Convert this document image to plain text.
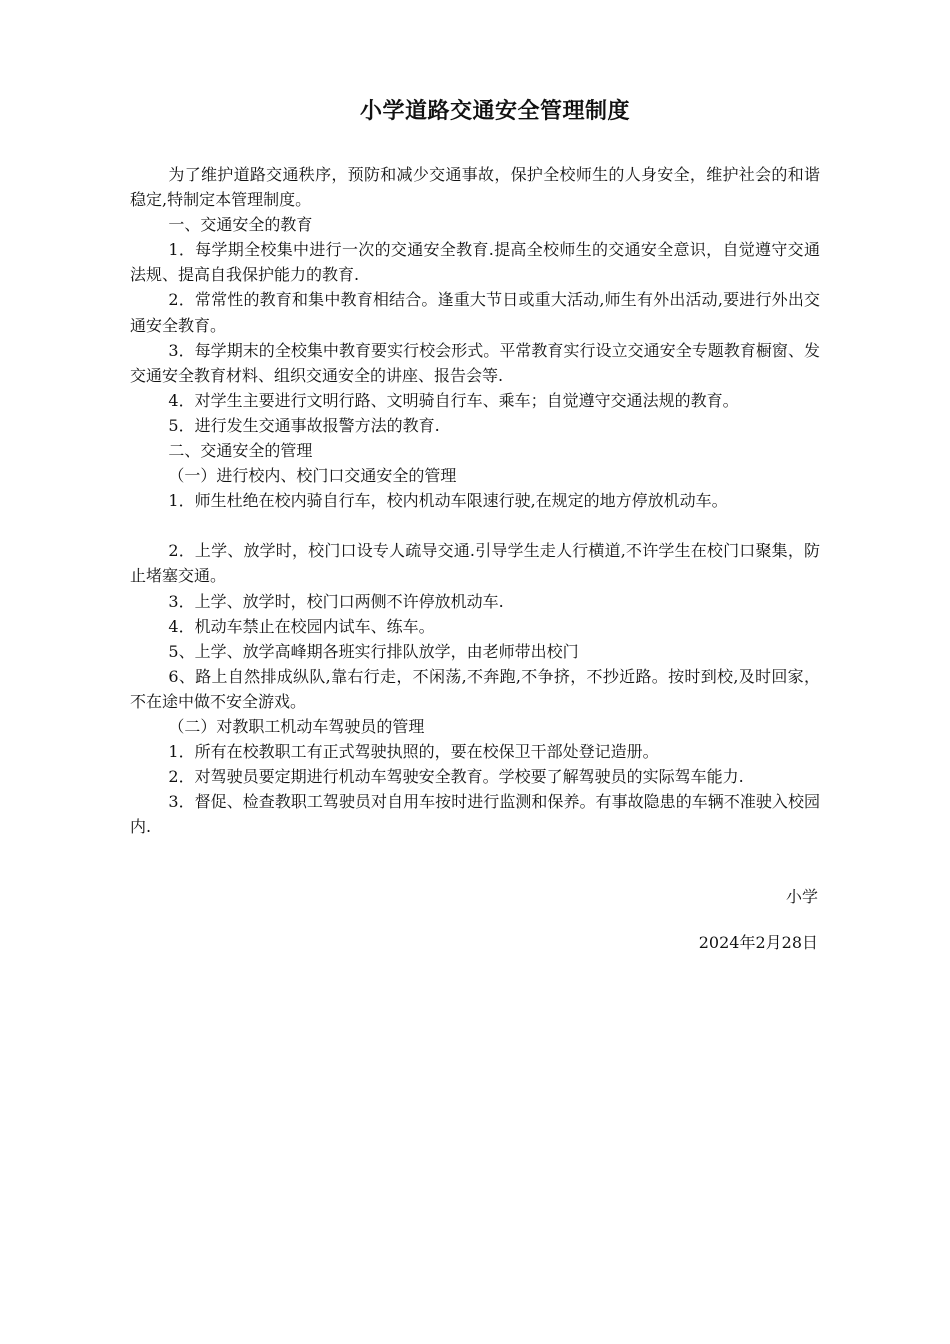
小学道路交通安全管理制度

为了维护道路交通秩序，预防和减少交通事故，保护全校师生的人身安全，维护社会的和谐稳定,特制定本管理制度。

一、交通安全的教育

1．每学期全校集中进行一次的交通安全教育.提高全校师生的交通安全意识，自觉遵守交通法规、提高自我保护能力的教育.

2．常常性的教育和集中教育相结合。逢重大节日或重大活动,师生有外出活动,要进行外出交通安全教育。

3．每学期末的全校集中教育要实行校会形式。平常教育实行设立交通安全专题教育橱窗、发交通安全教育材料、组织交通安全的讲座、报告会等.

4．对学生主要进行文明行路、文明骑自行车、乘车；自觉遵守交通法规的教育。

5．进行发生交通事故报警方法的教育.

二、交通安全的管理

（一）进行校内、校门口交通安全的管理

1．师生杜绝在校内骑自行车，校内机动车限速行驶,在规定的地方停放机动车。

2．上学、放学时，校门口设专人疏导交通.引导学生走人行横道,不许学生在校门口聚集，防止堵塞交通。

3．上学、放学时，校门口两侧不许停放机动车.

4．机动车禁止在校园内试车、练车。

5、上学、放学高峰期各班实行排队放学，由老师带出校门

6、路上自然排成纵队,靠右行走，不闲荡,不奔跑,不争挤，不抄近路。按时到校,及时回家，不在途中做不安全游戏。

（二）对教职工机动车驾驶员的管理

1．所有在校教职工有正式驾驶执照的，要在校保卫干部处登记造册。

2．对驾驶员要定期进行机动车驾驶安全教育。学校要了解驾驶员的实际驾车能力.

3．督促、检查教职工驾驶员对自用车按时进行监测和保养。有事故隐患的车辆不准驶入校园内.

小学
2024年2月28日
